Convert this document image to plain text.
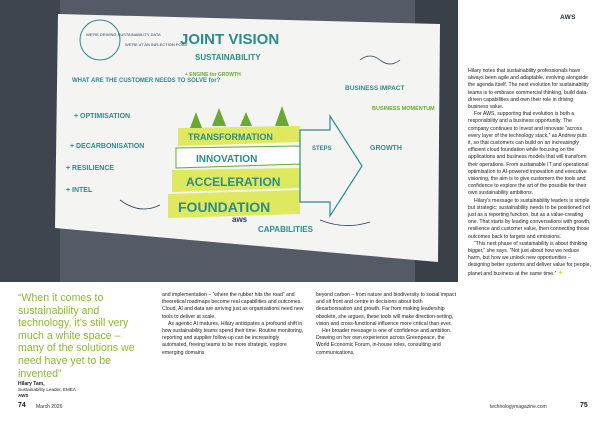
JOINT VISION
SUSTAINABILITY
WE'RE DRIVING SUSTAINABILITY DATA
WE'RE AT AN INFLECTION POINT
WHAT ARE THE CUSTOMER NEEDS TO SOLVE for?
+ ENGINE for GROWTH
+ OPTIMISATION
+ DECARBONISATION
+ RESILIENCE
+ INTEL
TRANSFORMATION
INNOVATION
ACCELERATION
FOUNDATION
STEPS
BUSINESS IMPACT
BUSINESS MOMENTUM
GROWTH
CAPABILITIES
aws
AWS

Hilary notes that sustainability professionals have always been agile and adaptable, evolving alongside the agenda itself. The next evolution for sustainability teams is to embrace commercial thinking, build data-driven capabilities and own their role in driving business value.

For AWS, supporting that evolution is both a responsibility and a business opportunity. The company continues to invest and innovate “across every layer of the technology stack,” as Andrew puts it, so that customers can build on an increasingly efficient cloud foundation while focusing on the applications and business models that will transform their operations. From sustainable IT and operational optimisation to AI-powered innovation and executive visioning, the aim is to give customers the tools and confidence to explore the art of the possible for their own sustainability ambitions.

Hilary’s message to sustainability leaders is simple but strategic: sustainability needs to be positioned not just as a reporting function, but as a value-creating one. That starts by leading conversations with growth, resilience and customer value, then connecting those outcomes back to targets and emissions.

“This next phase of sustainability is about thinking bigger,” she says. “Not just about how we reduce harm, but how we unlock new opportunities – designing better systems and deliver value for people, planet and business at the same time.”

“When it comes to sustainability and technology, it’s still very much a white space – many of the solutions we need have yet to be invented”
Hilary Tam,
Sustainability Leader, EMEA
AWS

and implementation – “where the rubber hits the road” and theoretical roadmaps become real capabilities and outcomes. Cloud, AI and data are arriving just as organisations need new tools to deliver at scale.

As agentic AI matures, Hilary anticipates a profound shift in how sustainability teams spend their time. Routine monitoring, reporting and supplier follow-up can be increasingly automated, freeing teams to be more strategic, explore emerging domains

beyond carbon – from nature and biodiversity to social impact and sit front and centre in decisions about both decarbonisation and growth. Far from making leadership obsolete, she argues, these tools will make direction-setting, vision and cross-functional influence more critical than ever.

Her broader message is one of confidence and ambition. Drawing on her own experience across Greenpeace, the World Economic Forum, in-house roles, consulting and communications,

74 March 2026	technologymagazine.com	75
